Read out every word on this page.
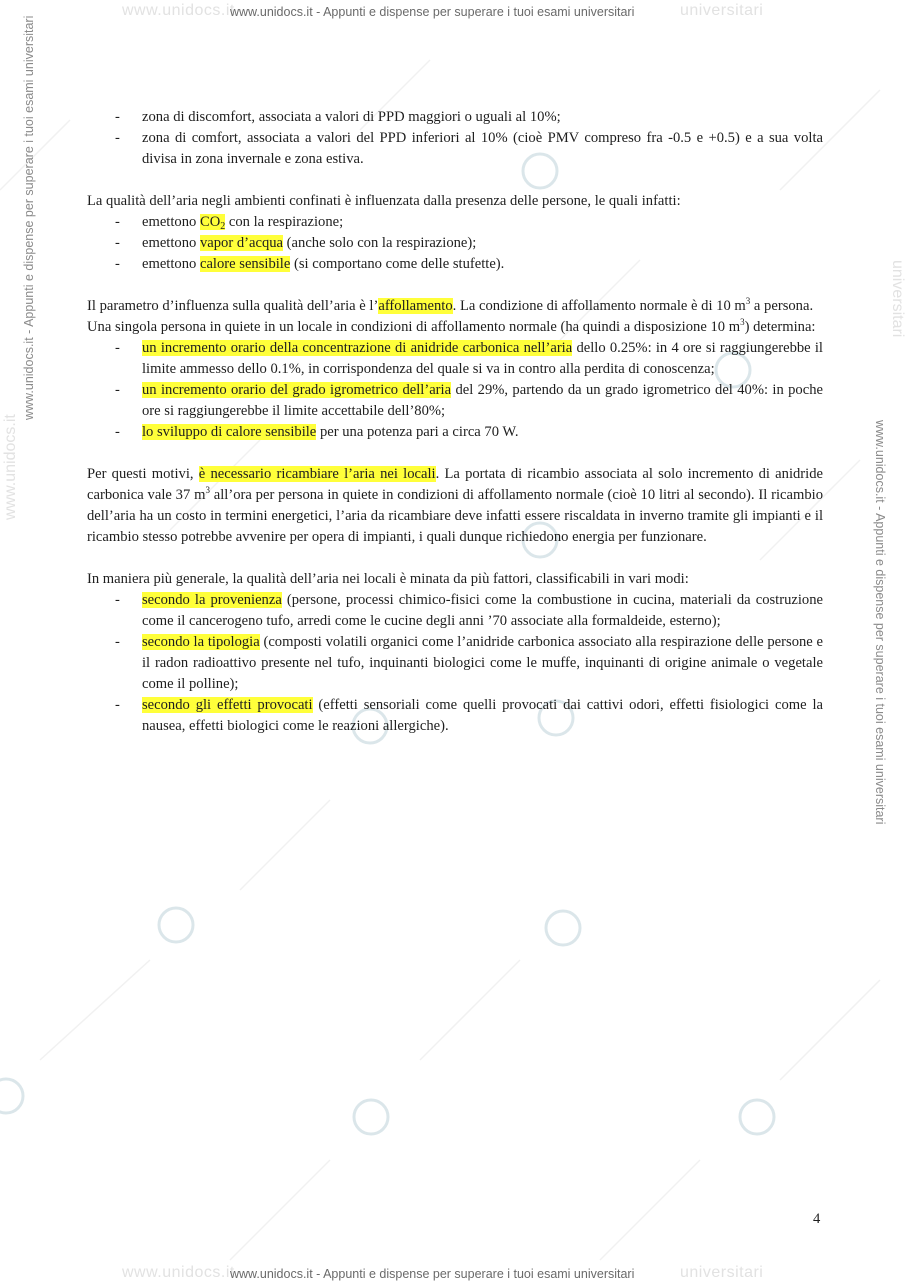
www.unidocs.it	universitari
www.unidocs.it - Appunti e dispense per superare i tuoi esami universitari
www.unidocs.it	universitari
www.unidocs.it - Appunti e dispense per superare i tuoi esami universitari
www.unidocs.it
www.unidocs.it - Appunti e dispense per superare i tuoi esami universitari	universitari
www.unidocs.it - Appunti e dispense per superare i tuoi esami universitari
- zona di discomfort, associata a valori di PPD maggiori o uguali al 10%;
- zona di comfort, associata a valori del PPD inferiori al 10% (cioè PMV compreso fra -0.5 e +0.5) e a sua volta divisa in zona invernale e zona estiva.

La qualità dell’aria negli ambienti confinati è influenzata dalla presenza delle persone, le quali infatti:

- emettono $CO_2$ con la respirazione;
- emettono vapor d’acqua (anche solo con la respirazione);
- emettono calore sensibile (si comportano come delle stufette).

Il parametro d’influenza sulla qualità dell’aria è l’affollamento. La condizione di affollamento normale è di 10 $m^3$ a persona.

Una singola persona in quiete in un locale in condizioni di affollamento normale (ha quindi a disposizione 10 $m^3$) determina:

- un incremento orario della concentrazione di anidride carbonica nell’aria dello 0.25%: in 4 ore si raggiungerebbe il limite ammesso dello 0.1%, in corrispondenza del quale si va in contro alla perdita di conoscenza;
- un incremento orario del grado igrometrico dell’aria del 29%, partendo da un grado igrometrico del 40%: in poche ore si raggiungerebbe il limite accettabile dell’80%;
- lo sviluppo di calore sensibile per una potenza pari a circa 70 W.

Per questi motivi, è necessario ricambiare l’aria nei locali. La portata di ricambio associata al solo incremento di anidride carbonica vale 37 $m^3$ all’ora per persona in quiete in condizioni di affollamento normale (cioè 10 litri al secondo). Il ricambio dell’aria ha un costo in termini energetici, l’aria da ricambiare deve infatti essere riscaldata in inverno tramite gli impianti e il ricambio stesso potrebbe avvenire per opera di impianti, i quali dunque richiedono energia per funzionare.

In maniera più generale, la qualità dell’aria nei locali è minata da più fattori, classificabili in vari modi:

- secondo la provenienza (persone, processi chimico-fisici come la combustione in cucina, materiali da costruzione come il cancerogeno tufo, arredi come le cucine degli anni ’70 associate alla formaldeide, esterno);
- secondo la tipologia (composti volatili organici come l’anidride carbonica associato alla respirazione delle persone e il radon radioattivo presente nel tufo, inquinanti biologici come le muffe, inquinanti di origine animale o vegetale come il polline);
- secondo gli effetti provocati (effetti sensoriali come quelli provocati dai cattivi odori, effetti fisiologici come la nausea, effetti biologici come le reazioni allergiche).
4
